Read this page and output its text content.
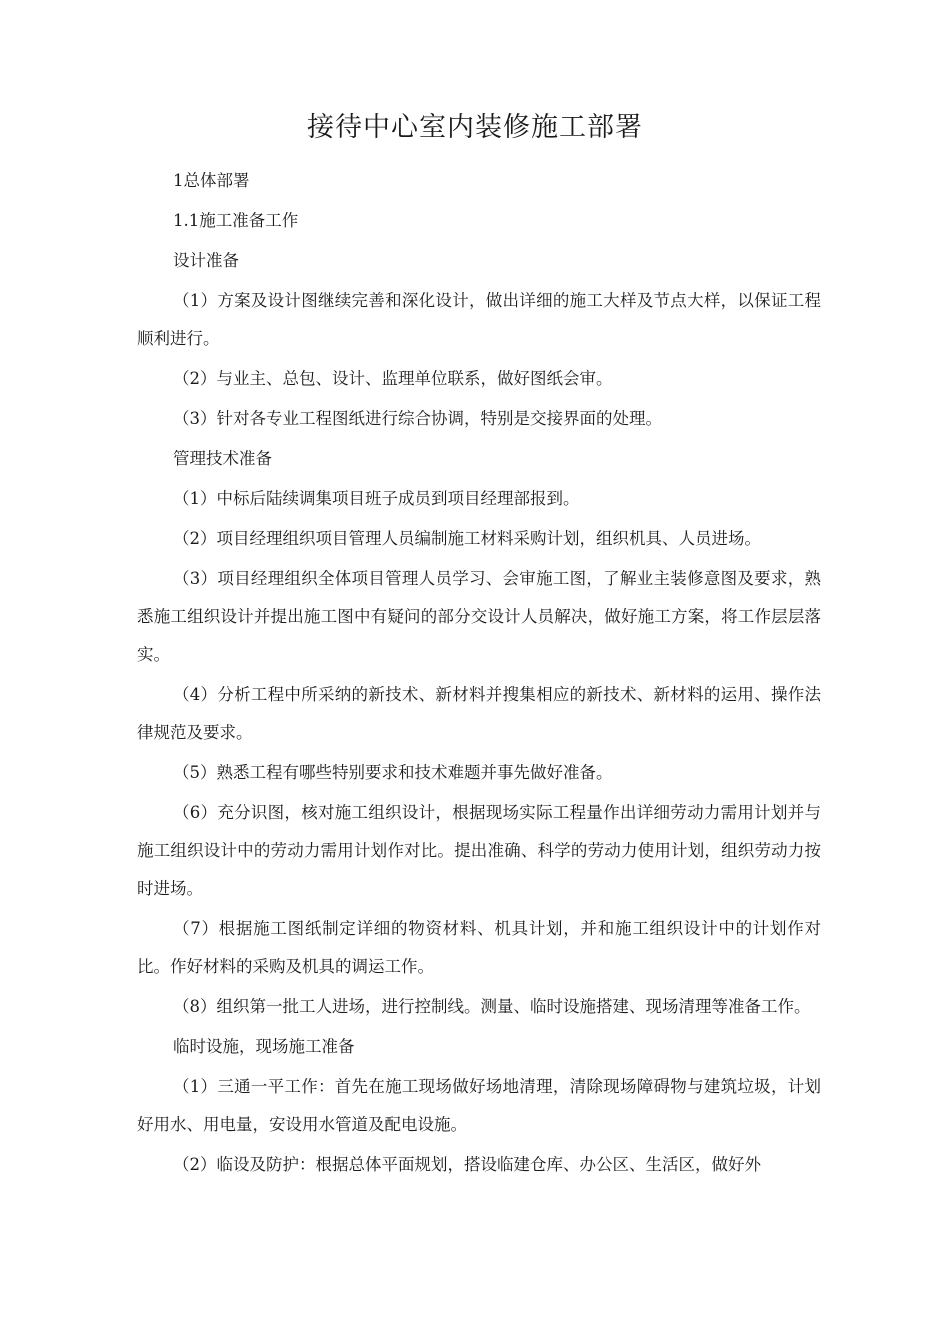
接待中心室内装修施工部署

1总体部署

1.1施工准备工作

设计准备

（1）方案及设计图继续完善和深化设计，做出详细的施工大样及节点大样，以保证工程顺利进行。

（2）与业主、总包、设计、监理单位联系，做好图纸会审。

（3）针对各专业工程图纸进行综合协调，特别是交接界面的处理。

管理技术准备

（1）中标后陆续调集项目班子成员到项目经理部报到。

（2）项目经理组织项目管理人员编制施工材料采购计划，组织机具、人员进场。

（3）项目经理组织全体项目管理人员学习、会审施工图，了解业主装修意图及要求，熟悉施工组织设计并提出施工图中有疑问的部分交设计人员解决，做好施工方案，将工作层层落实。

（4）分析工程中所采纳的新技术、新材料并搜集相应的新技术、新材料的运用、操作法律规范及要求。

（5）熟悉工程有哪些特别要求和技术难题并事先做好准备。

（6）充分识图，核对施工组织设计，根据现场实际工程量作出详细劳动力需用计划并与施工组织设计中的劳动力需用计划作对比。提出准确、科学的劳动力使用计划，组织劳动力按时进场。

（7）根据施工图纸制定详细的物资材料、机具计划，并和施工组织设计中的计划作对比。作好材料的采购及机具的调运工作。

（8）组织第一批工人进场，进行控制线。测量、临时设施搭建、现场清理等准备工作。

临时设施，现场施工准备

（1）三通一平工作：首先在施工现场做好场地清理，清除现场障碍物与建筑垃圾，计划好用水、用电量，安设用水管道及配电设施。

（2）临设及防护：根据总体平面规划，搭设临建仓库、办公区、生活区，做好外
